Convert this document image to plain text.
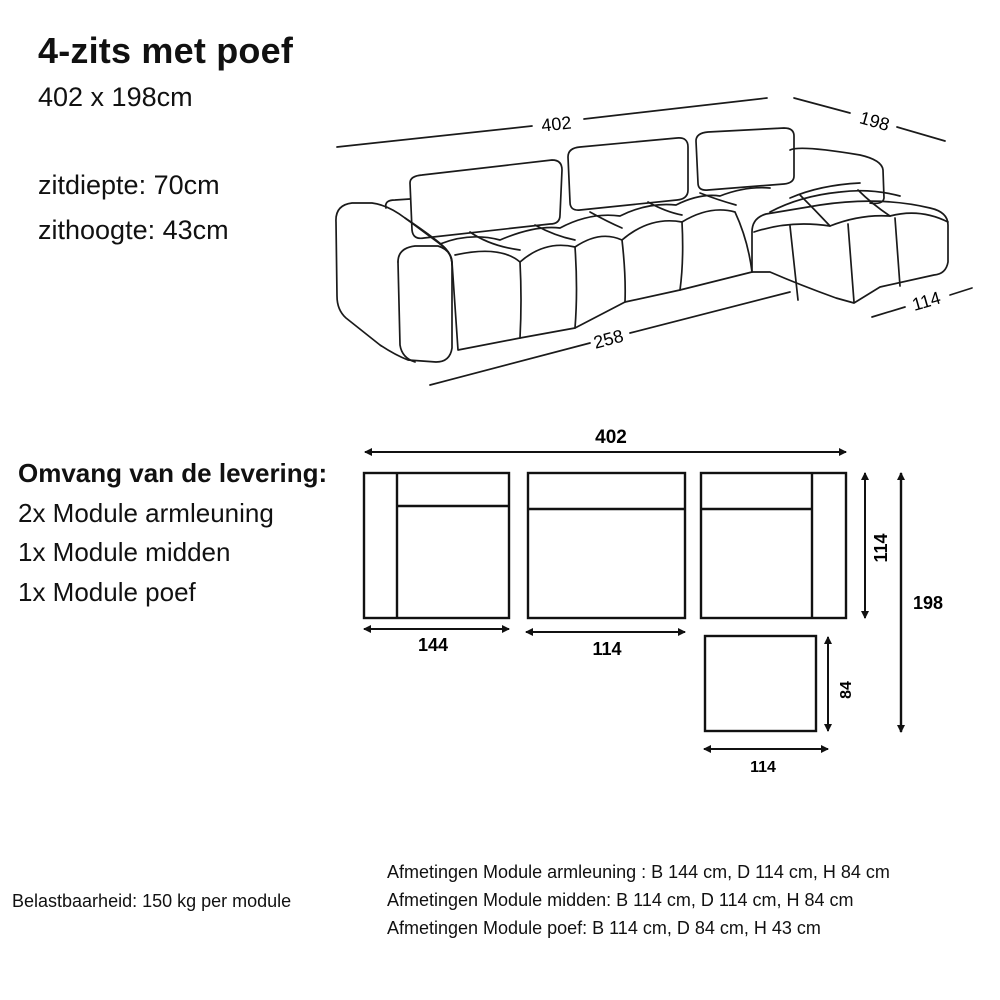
4-zits met poef
402 x 198cm
zitdiepte: 70cm
zithoogte: 43cm
Omvang van de levering:
2x Module armleuning
1x Module midden
1x Module poef
Belastbaarheid: 150 kg per module
Afmetingen Module armleuning : B 144 cm, D 114 cm, H 84 cm
Afmetingen Module midden: B 114 cm, D 114 cm, H 84 cm
Afmetingen Module poef: B 114 cm, D 84 cm, H 43 cm
402	198
258
114
402
144	114
114
198
84
114
